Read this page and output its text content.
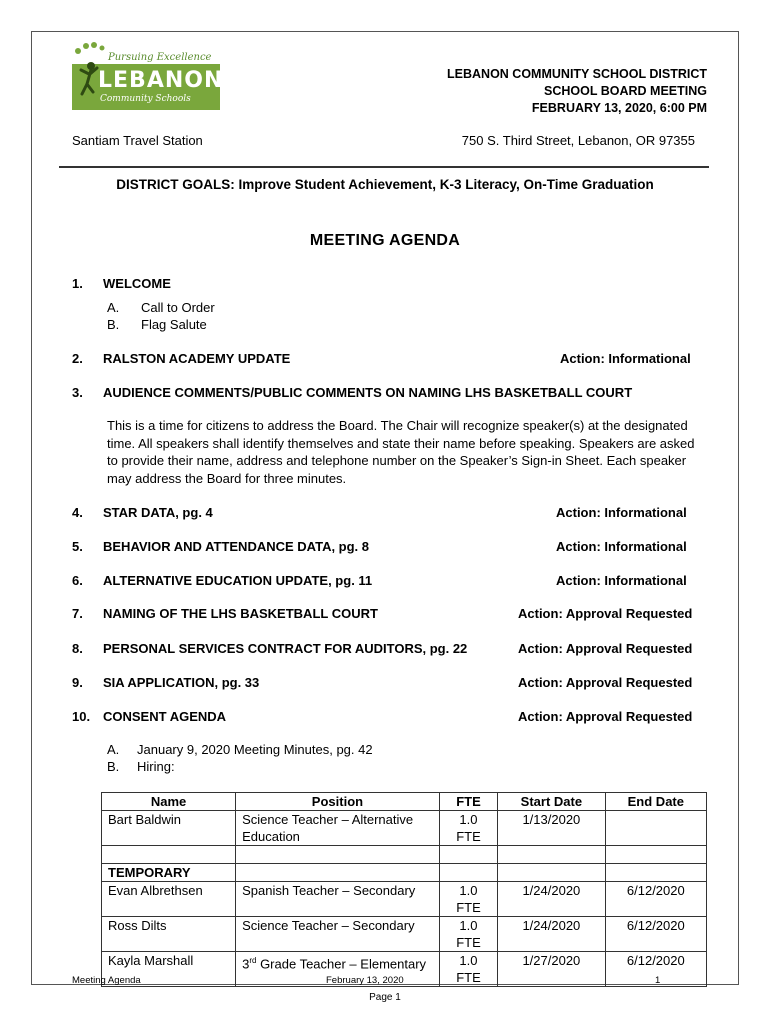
Pursuing Excellence
LEBANON
Community Schools
LEBANON COMMUNITY SCHOOL DISTRICT
SCHOOL BOARD MEETING
FEBRUARY 13, 2020, 6:00 PM
Santiam Travel Station	750 S. Third Street, Lebanon, OR 97355
DISTRICT GOALS: Improve Student Achievement, K-3 Literacy, On-Time Graduation
MEETING AGENDA
1. WELCOME
A. Call to Order
B. Flag Salute
2. RALSTON ACADEMY UPDATE	Action: Informational
3. AUDIENCE COMMENTS/PUBLIC COMMENTS ON NAMING LHS BASKETBALL COURT
This is a time for citizens to address the Board. The Chair will recognize speaker(s) at the designated time. All speakers shall identify themselves and state their name before speaking. Speakers are asked to provide their name, address and telephone number on the Speaker’s Sign-in Sheet. Each speaker may address the Board for three minutes.
4. STAR DATA, pg. 4	Action: Informational
5. BEHAVIOR AND ATTENDANCE DATA, pg. 8	Action: Informational
6. ALTERNATIVE EDUCATION UPDATE, pg. 11	Action: Informational
7. NAMING OF THE LHS BASKETBALL COURT	Action: Approval Requested
8. PERSONAL SERVICES CONTRACT FOR AUDITORS, pg. 22	Action: Approval Requested
9. SIA APPLICATION, pg. 33	Action: Approval Requested
10. CONSENT AGENDA	Action: Approval Requested
A. January 9, 2020 Meeting Minutes, pg. 42
B. Hiring:
Name	Position	FTE	Start Date	End Date
Bart Baldwin	Science Teacher – Alternative Education	1.0 FTE	1/13/2020	

TEMPORARY				
Evan Albrethsen	Spanish Teacher – Secondary	1.0 FTE	1/24/2020	6/12/2020
Ross Dilts	Science Teacher – Secondary	1.0 FTE	1/24/2020	6/12/2020
Kayla Marshall	3rd Grade Teacher – Elementary	1.0 FTE	1/27/2020	6/12/2020
Meeting Agenda	February 13, 2020	1
Page 1
